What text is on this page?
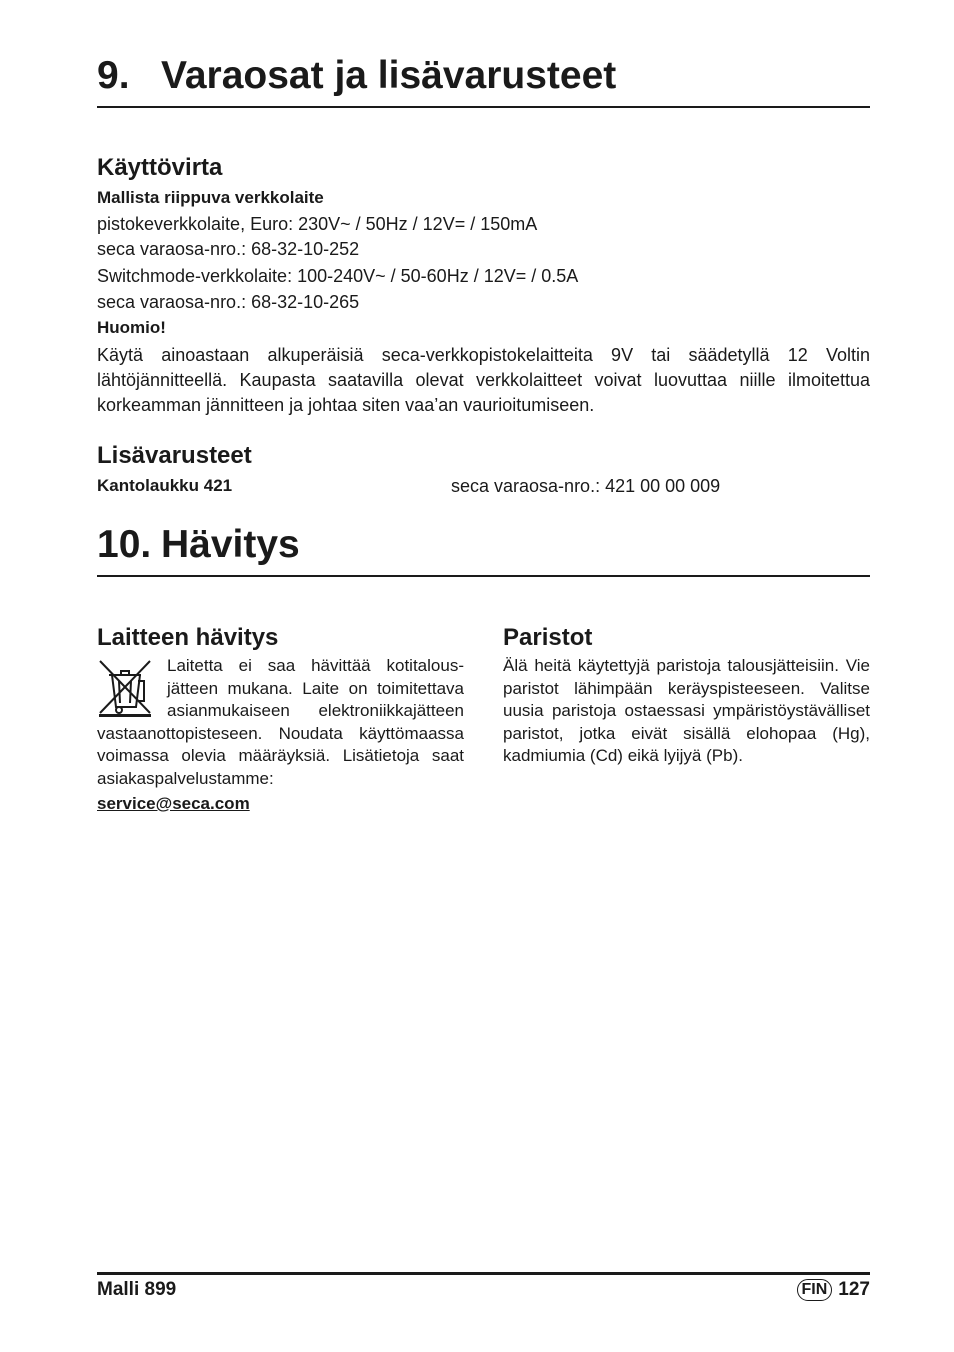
9. Varaosat ja lisävarusteet
Käyttövirta
Mallista riippuva verkkolaite
pistokeverkkolaite, Euro: 230V~ / 50Hz / 12V= / 150mA
seca varaosa-nro.: 68-32-10-252
Switchmode-verkkolaite: 100-240V~ / 50-60Hz / 12V= / 0.5A
seca varaosa-nro.: 68-32-10-265
Huomio!
Käytä ainoastaan alkuperäisiä seca-verkkopistokelaitteita 9V tai säädetyllä 12 Voltin lähtöjännitteellä. Kaupasta saatavilla olevat verkkolaitteet voivat luovuttaa niille ilmoitettua korkeamman jännitteen ja johtaa siten vaa’an vaurioitumiseen.
Lisävarusteet
Kantolaukku 421	seca varaosa-nro.: 421 00 00 009
10. Hävitys
Laitteen hävitys
Laitetta ei saa hävittää kotitalousjätteen mukana. Laite on toimitettava asianmukaiseen elektroniikkajätteen vastaanottopisteseen. Noudata käyttömaassa voimassa olevia määräyksiä. Lisätietoja saat asiakaspalvelustamme:
service@seca.com
Paristot
Älä heitä käytettyjä paristoja talousjätteisiin. Vie paristot lähimpään keräyspisteeseen. Valitse uusia paristoja ostaessasi ympäristöystävälliset paristot, jotka eivät sisällä elohopaa (Hg), kadmiumia (Cd) eikä lyijyä (Pb).
Malli 899	FIN 127
